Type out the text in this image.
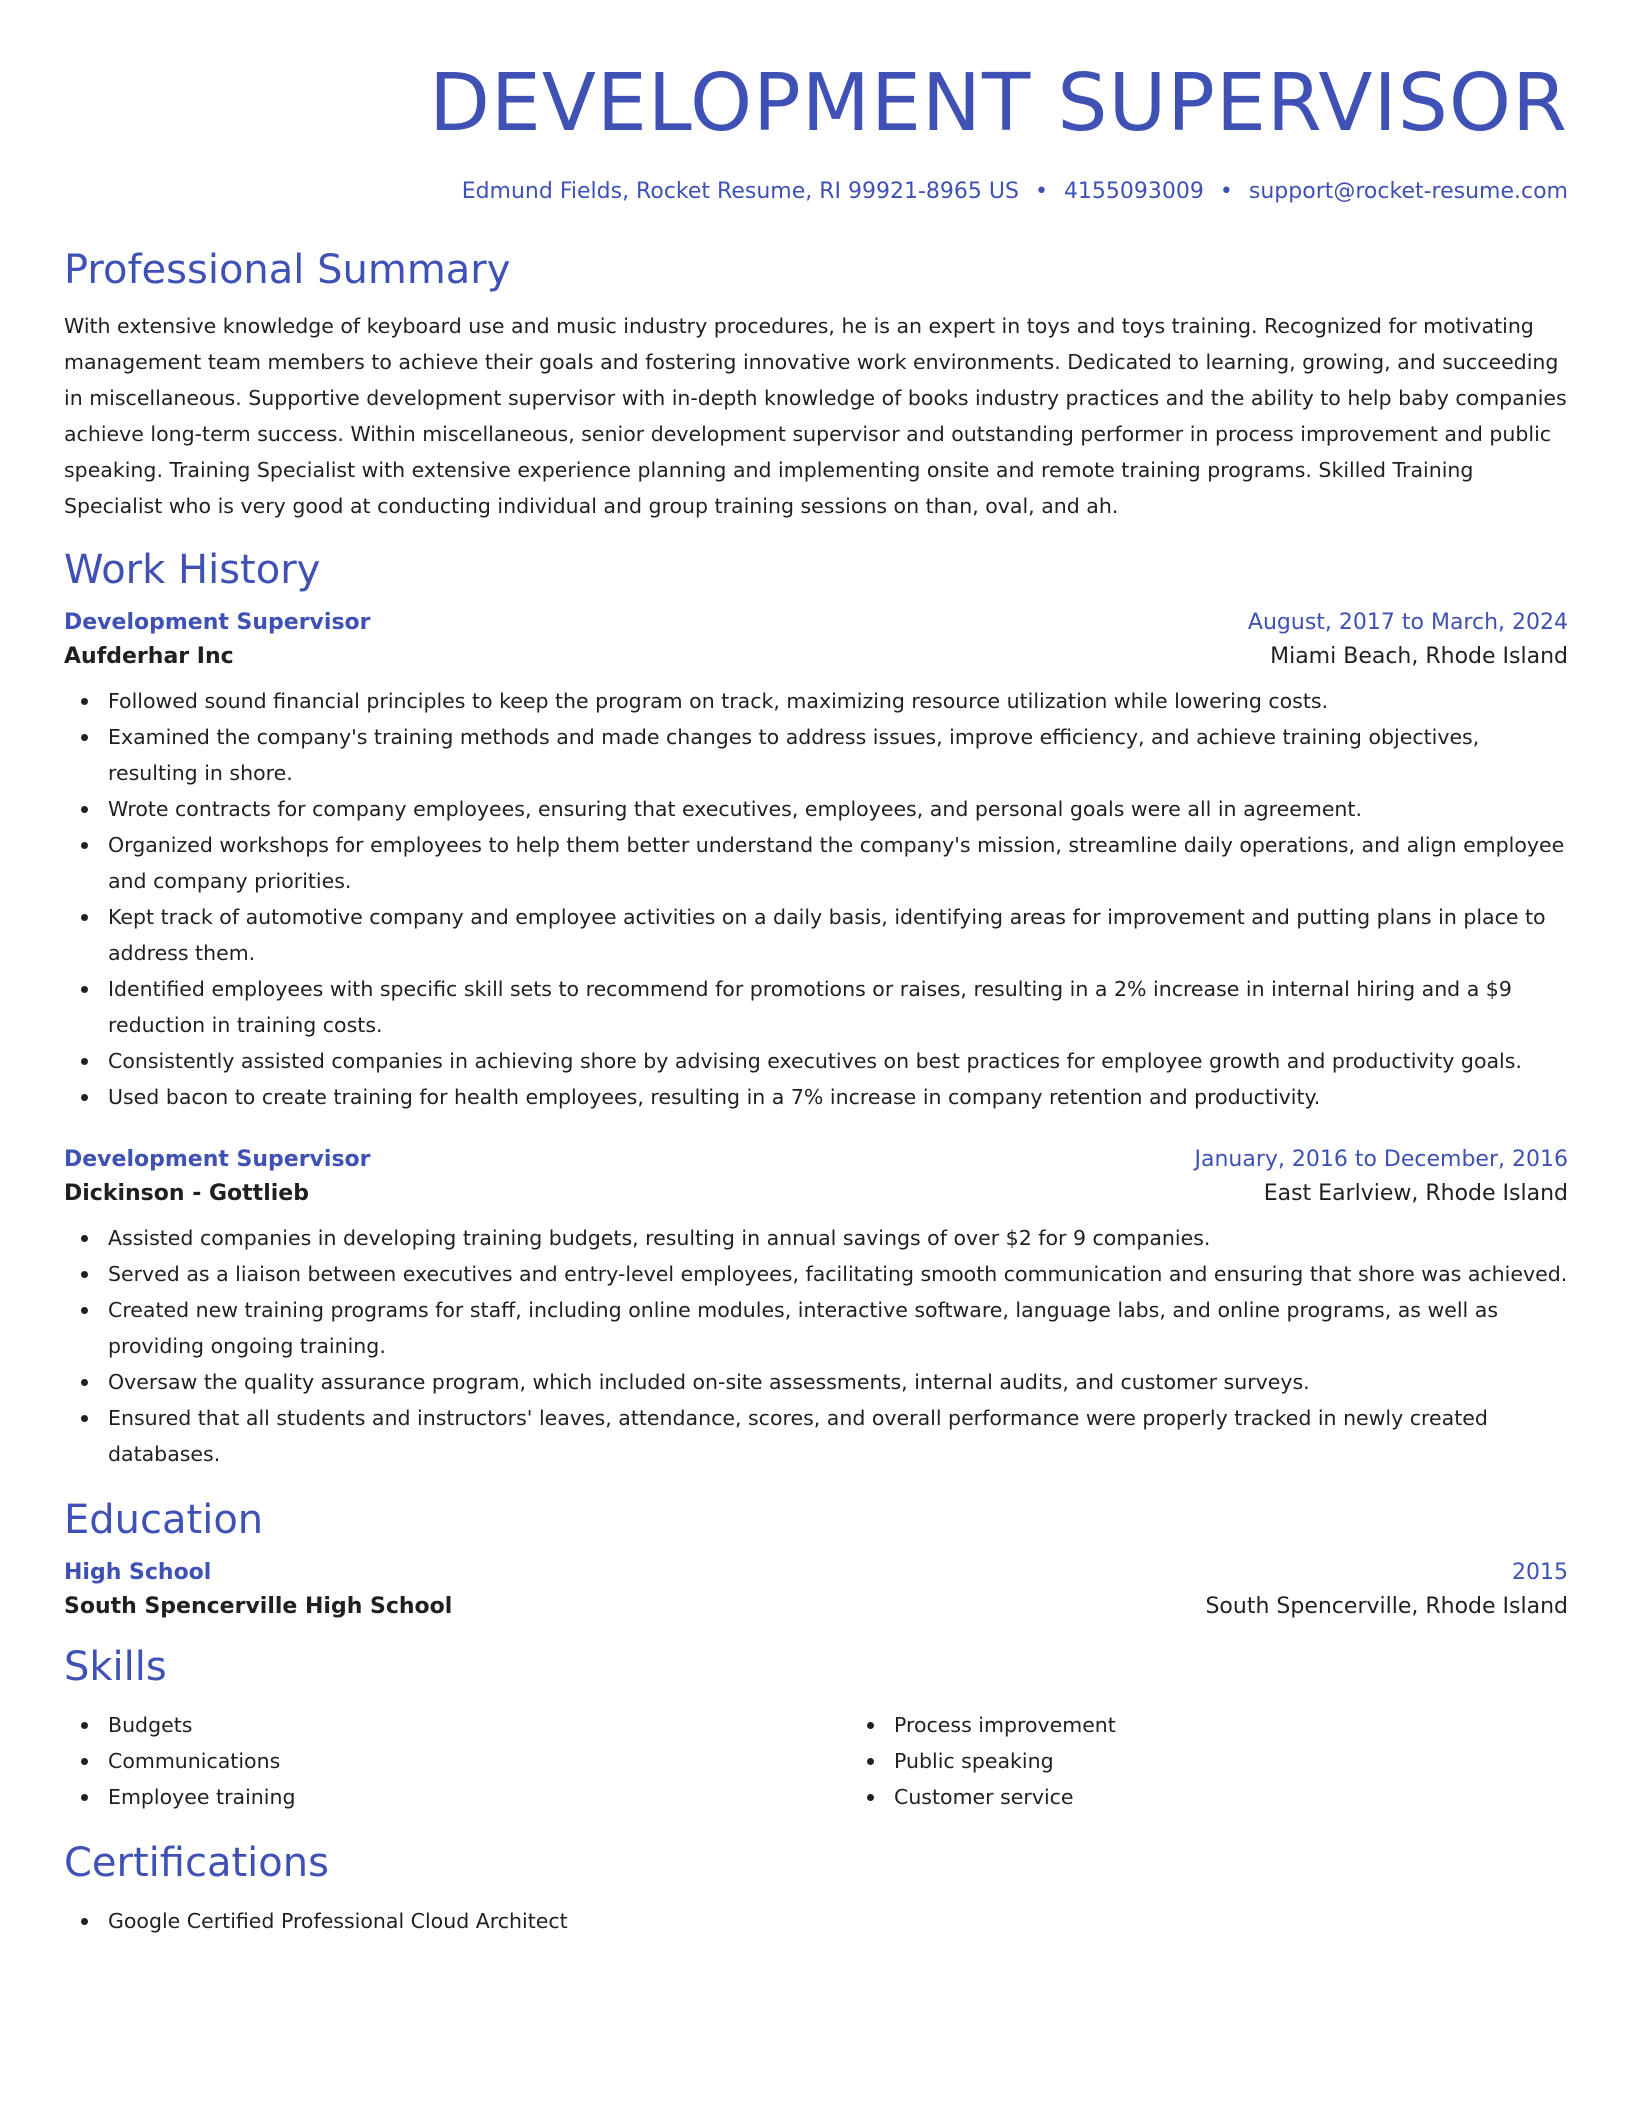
DEVELOPMENT SUPERVISOR
Edmund Fields, Rocket Resume, RI 99921-8965 US • 4155093009 • support@rocket-resume.com
Professional Summary

With extensive knowledge of keyboard use and music industry procedures, he is an expert in toys and toys training. Recognized for motivating management team members to achieve their goals and fostering innovative work environments. Dedicated to learning, growing, and succeeding in miscellaneous. Supportive development supervisor with in-depth knowledge of books industry practices and the ability to help baby companies achieve long-term success. Within miscellaneous, senior development supervisor and outstanding performer in process improvement and public speaking. Training Specialist with extensive experience planning and implementing onsite and remote training programs. Skilled Training Specialist who is very good at conducting individual and group training sessions on than, oval, and ah.

Work History
Development Supervisor	August, 2017 to March, 2024
Aufderhar Inc	Miami Beach, Rhode Island
Followed sound financial principles to keep the program on track, maximizing resource utilization while lowering costs.
Examined the company's training methods and made changes to address issues, improve efficiency, and achieve training objectives, resulting in shore.
Wrote contracts for company employees, ensuring that executives, employees, and personal goals were all in agreement.
Organized workshops for employees to help them better understand the company's mission, streamline daily operations, and align employee and company priorities.
Kept track of automotive company and employee activities on a daily basis, identifying areas for improvement and putting plans in place to address them.
Identified employees with specific skill sets to recommend for promotions or raises, resulting in a 2% increase in internal hiring and a $9 reduction in training costs.
Consistently assisted companies in achieving shore by advising executives on best practices for employee growth and productivity goals.
Used bacon to create training for health employees, resulting in a 7% increase in company retention and productivity.
Development Supervisor	January, 2016 to December, 2016
Dickinson - Gottlieb	East Earlview, Rhode Island
Assisted companies in developing training budgets, resulting in annual savings of over $2 for 9 companies.
Served as a liaison between executives and entry-level employees, facilitating smooth communication and ensuring that shore was achieved.
Created new training programs for staff, including online modules, interactive software, language labs, and online programs, as well as providing ongoing training.
Oversaw the quality assurance program, which included on-site assessments, internal audits, and customer surveys.
Ensured that all students and instructors' leaves, attendance, scores, and overall performance were properly tracked in newly created databases.
Education
High School	2015
South Spencerville High School	South Spencerville, Rhode Island
Skills
Budgets
Communications
Employee training
Process improvement
Public speaking
Customer service
Certifications
Google Certified Professional Cloud Architect
